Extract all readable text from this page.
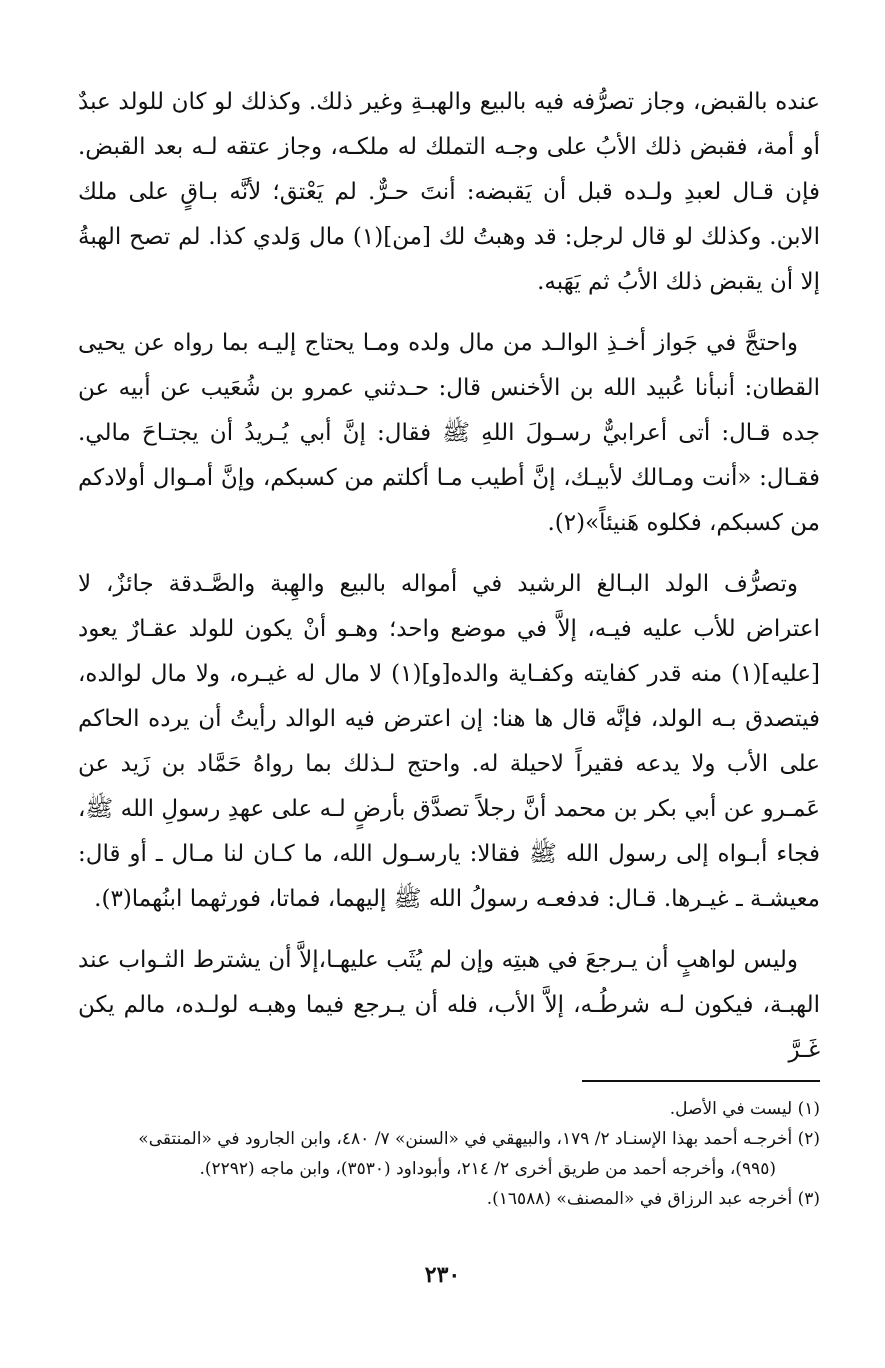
عنده بالقبض، وجاز تصرُّفه فيه بالبيع والهبـةِ وغير ذلك. وكذلك لو كان للولد عبدٌ أو أمة، فقبض ذلك الأبُ على وجـه التملك له ملكـه، وجاز عتقه لـه بعد القبض. فإن قـال لعبدِ ولـده قبل أن يَقبضه: أنتَ حـرٌّ. لم يَعْتق؛ لأنَّه بـاقٍ على ملك الابن. وكذلك لو قال لرجل: قد وهبتُ لك [من](١) مال وَلدي كذا. لم تصح الهبةُ إلا أن يقبض ذلك الأبُ ثم يَهَبه.

واحتجَّ في جَواز أخـذِ الوالـد من مال ولده ومـا يحتاج إليـه بما رواه عن يحيى القطان: أنبأنا عُبيد الله بن الأخنس قال: حـدثني عمرو بن شُعَيب عن أبيه عن جده قـال: أتى أعرابيٌّ رسـولَ اللهِ ﷺ فقال: إنَّ أبي يُـريدُ أن يجتـاحَ مالي. فقـال: «أنت ومـالك لأبيـك، إنَّ أطيب مـا أكلتم من كسبكم، وإنَّ أمـوال أولادكم من كسبكم، فكلوه هَنيئاً»(٢).

وتصرُّف الولد البـالغ الرشيد في أمواله بالبيع والهِبة والصَّـدقة جائزٌ، لا اعتراض للأب عليه فيـه، إلاَّ في موضع واحد؛ وهـو أنْ يكون للولد عقـارٌ يعود [عليه](١) منه قدر كفايته وكفـاية والده[و](١) لا مال له غيـره، ولا مال لوالده، فيتصدق بـه الولد، فإنَّه قال ها هنا: إن اعترض فيه الوالد رأيتُ أن يرده الحاكم على الأب ولا يدعه فقيراً لاحيلة له. واحتج لـذلك بما رواهُ حَمَّاد بن زَيد عن عَمـرو عن أبي بكر بن محمد أنَّ رجلاً تصدَّق بأرضٍ لـه على عهدِ رسولِ الله ﷺ، فجاء أبـواه إلى رسول الله ﷺ فقالا: يارسـول الله، ما كـان لنا مـال ـ أو قال: معيشـة ـ غيـرها. قـال: فدفعـه رسولُ الله ﷺ إليهما، فماتا، فورثهما ابنُهما(٣).

وليس لواهبٍ أن يـرجعَ في هبتِه وإن لم يُثَب عليهـا،إلاَّ أن يشترط الثـواب عند الهبـة، فيكون لـه شرطُـه، إلاَّ الأب، فله أن يـرجع فيما وهبـه لولـده، مالم يكن غَـرَّ

(١) ليست في الأصل.

(٢) أخرجـه أحمد بهذا الإسنـاد ٢/ ١٧٩، والبيهقي في «السنن» ٧/ ٤٨٠، وابن الجارود في «المنتقى»

(٩٩٥)، وأخرجه أحمد من طريق أخرى ٢/ ٢١٤، وأبوداود (٣٥٣٠)، وابن ماجه (٢٢٩٢).

(٣) أخرجه عبد الرزاق في «المصنف» (١٦٥٨٨).

٢٣٠
